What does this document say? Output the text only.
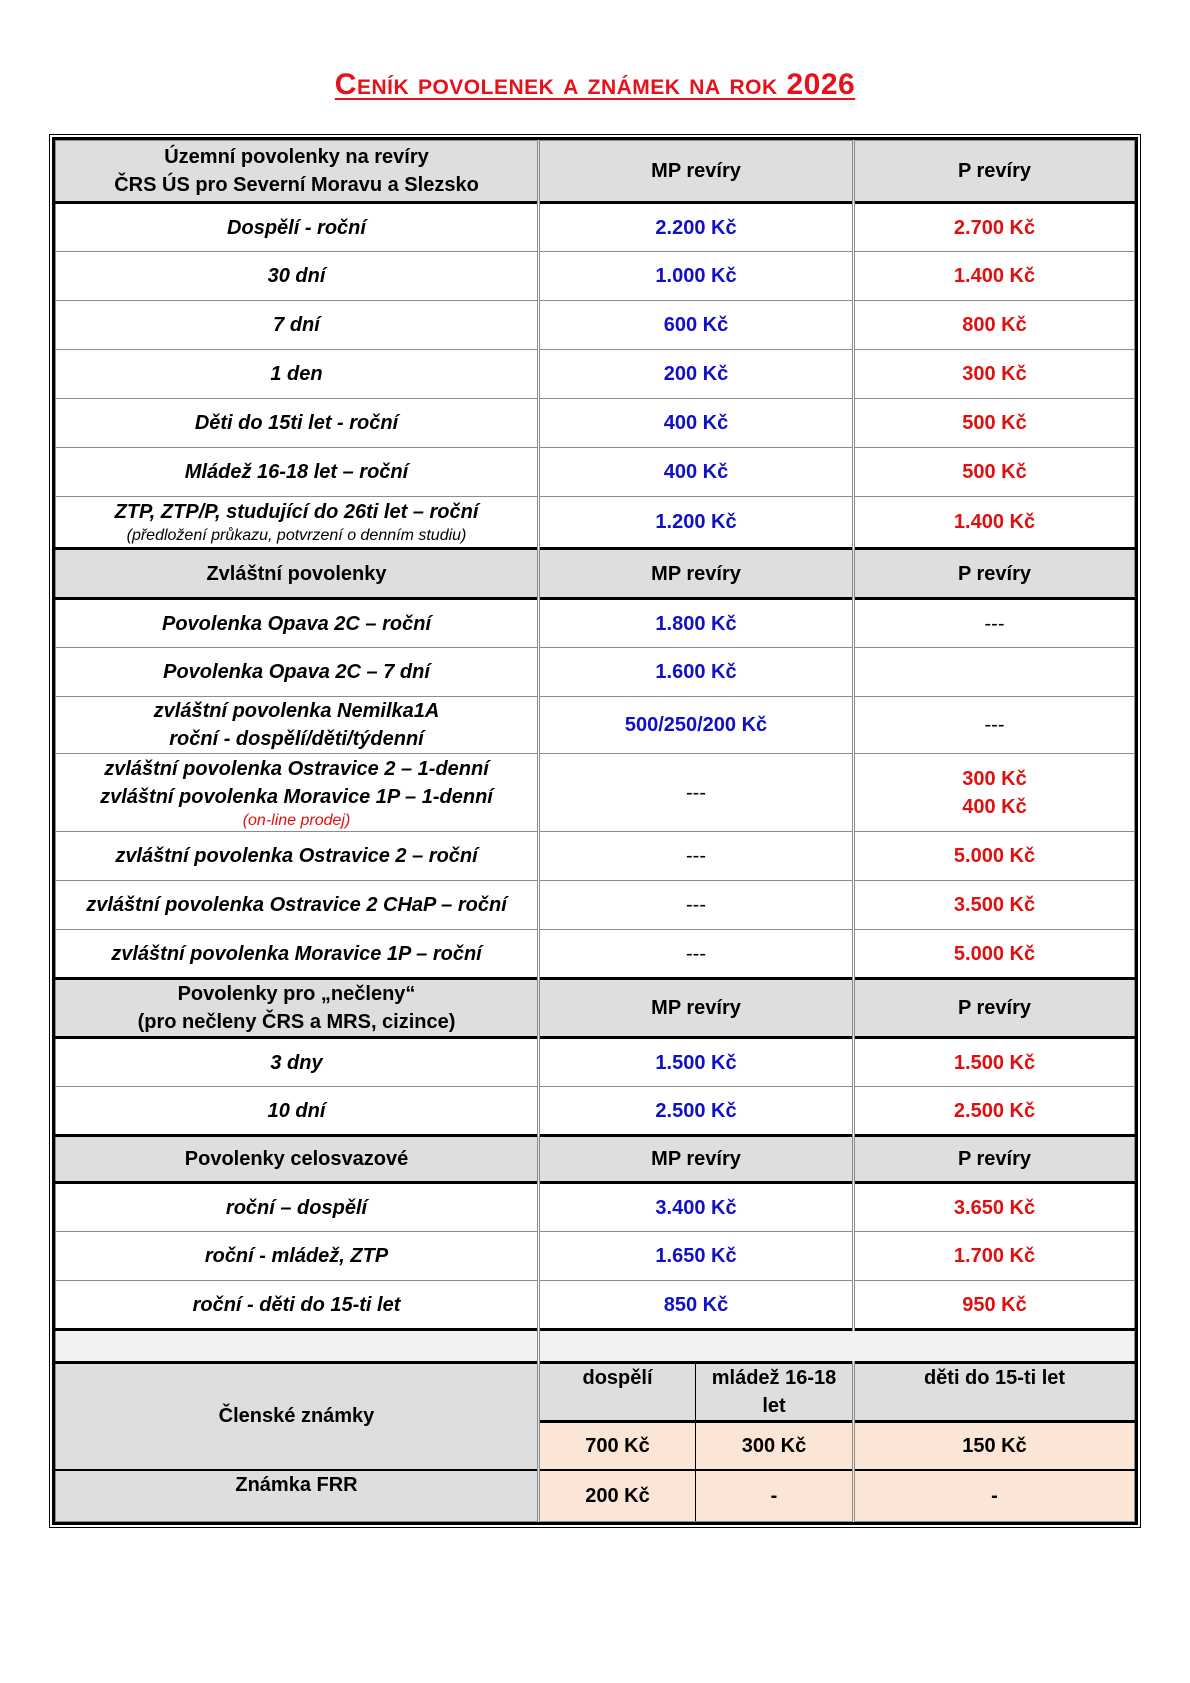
Ceník povolenek a známek na rok 2026
Územní povolenky na revíry
ČRS ÚS pro Severní Moravu a Slezsko	MP revíry		P revíry
Dospělí - roční	2.200 Kč		2.700 Kč
30 dní	1.000 Kč		1.400 Kč
7 dní	600 Kč		800 Kč
1 den	200 Kč		300 Kč
Děti do 15ti let - roční	400 Kč		500 Kč
Mládež 16-18 let – roční	400 Kč		500 Kč

ZTP, ZTP/P, studující do 26ti let – roční
(předložení průkazu, potvrzení o denním studiu)	1.200 Kč		1.400 Kč
Zvláštní povolenky	MP revíry		P revíry
Povolenka Opava 2C – roční	1.800 Kč		---
Povolenka Opava 2C – 7 dní	1.600 Kč		

zvláštní povolenka Nemilka1A
roční - dospělí/děti/týdenní	500/250/200 Kč		---

zvláštní povolenka Ostravice 2 – 1-denní
zvláštní povolenka Moravice 1P – 1-denní
(on-line prodej)	---		300 Kč
400 Kč

zvláštní povolenka Ostravice 2 – roční	---		5.000 Kč
zvláštní povolenka Ostravice 2 CHaP – roční	---		3.500 Kč
zvláštní povolenka Moravice 1P – roční	---		5.000 Kč

Povolenky pro „nečleny“
(pro nečleny ČRS a MRS, cizince)	MP revíry		P revíry
3 dny	1.500 Kč		1.500 Kč
10 dní	2.500 Kč		2.500 Kč
Povolenky celosvazové	MP revíry		P revíry
roční – dospělí	3.400 Kč		3.650 Kč
roční - mládež, ZTP	1.650 Kč		1.700 Kč
roční - děti do 15-ti let	850 Kč		950 Kč

Členské známky	dospělí	mládež 16-18 let	děti do 15-ti let
	700 Kč	300 Kč	150 Kč
Známka FRR	200 Kč	-	-
